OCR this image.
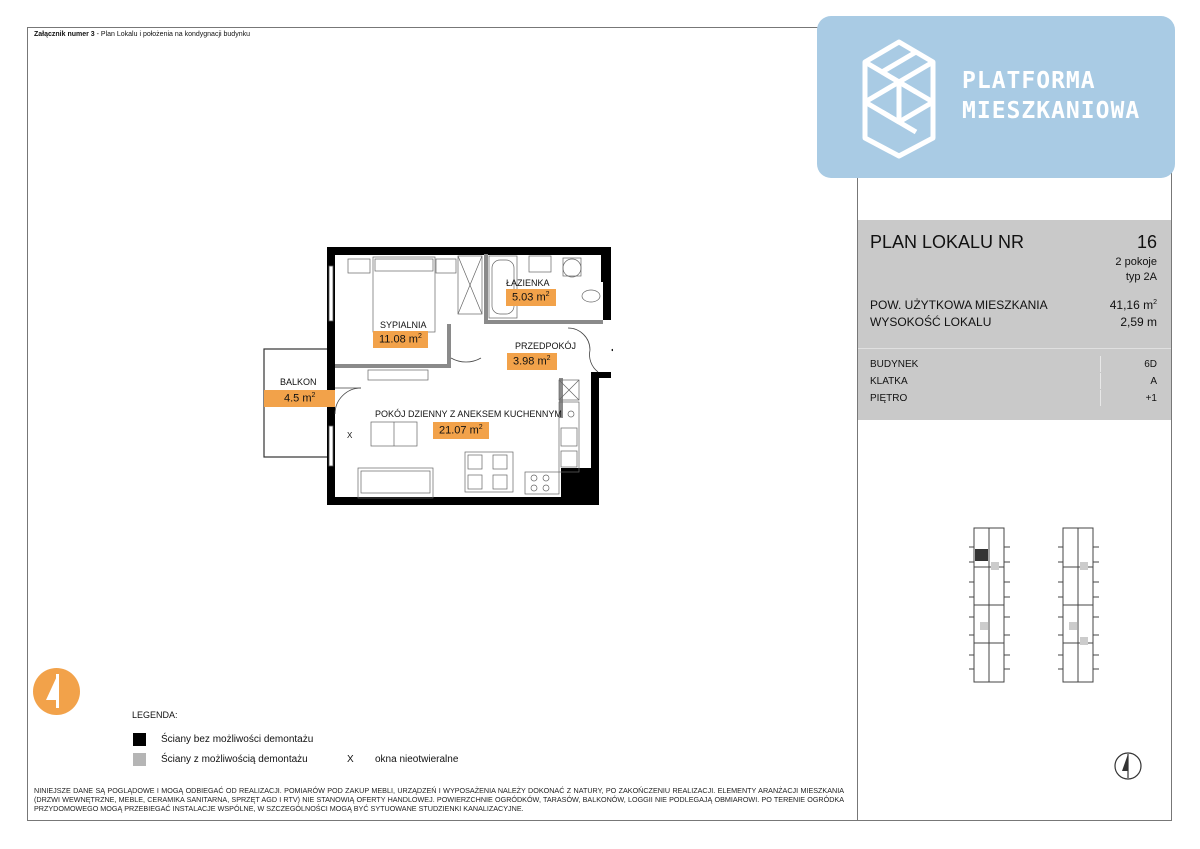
Załącznik numer 3 - Plan Lokalu i położenia na kondygnacji budynku
PLATFORMA
MIESZKANIOWA
PLAN LOKALU NR	16
2 pokoje
typ 2A
POW. UŻYTKOWA MIESZKANIA	41,16 $m^2$
WYSOKOŚĆ LOKALU	2,59 m
BUDYNEK	6D
KLATKA	A
PIĘTRO	+1
ŁAZIENKA
5.03 $m^2$
SYPIALNIA
11.08 $m^2$
PRZEDPOKÓJ
3.98 $m^2$
BALKON
4.5 $m^2$
POKÓJ DZIENNY Z ANEKSEM KUCHENNYM
21.07 $m^2$
X
LEGENDA:
Ściany bez możliwości demontażu
Ściany z możliwością demontażu	X okna nieotwieralne
NINIEJSZE DANE SĄ POGLĄDOWE I MOGĄ ODBIEGAĆ OD REALIZACJI. POMIARÓW POD ZAKUP MEBLI, URZĄDZEŃ I WYPOSAŻENIA NALEŻY DOKONAĆ Z NATURY, PO ZAKOŃCZENIU REALIZACJI. ELEMENTY ARANŻACJI MIESZKANIA (DRZWI WEWNĘTRZNE, MEBLE, CERAMIKA SANITARNA, SPRZĘT AGD I RTV) NIE STANOWIĄ OFERTY HANDLOWEJ. POWIERZCHNIE OGRÓDKÓW, TARASÓW, BALKONÓW, LOGGII NIE PODLEGAJĄ OBMIAROWI. PO TERENIE OGRÓDKA PRZYDOMOWEGO MOGĄ PRZEBIEGAĆ INSTALACJE WSPÓLNE, W SZCZEGÓLNOŚCI MOGĄ BYĆ SYTUOWANE STUDZIENKI KANALIZACYJNE.
